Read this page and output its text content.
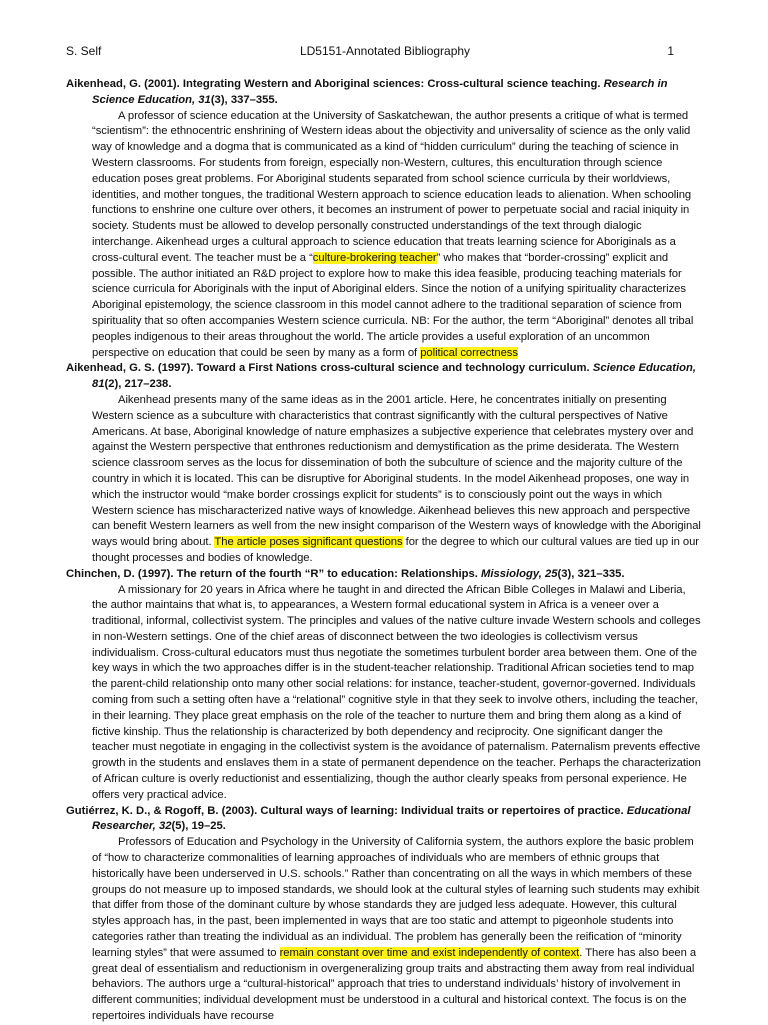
S. Self	LD5151-Annotated Bibliography	1

Aikenhead, G. (2001). Integrating Western and Aboriginal sciences: Cross-cultural science teaching. Research in Science Education, 31(3), 337–355.

A professor of science education at the University of Saskatchewan, the author presents a critique of what is termed “scientism”: the ethnocentric enshrining of Western ideas about the objectivity and universality of science as the only valid way of knowledge and a dogma that is communicated as a kind of “hidden curriculum” during the teaching of science in Western classrooms. For students from foreign, especially non-Western, cultures, this enculturation through science education poses great problems. For Aboriginal students separated from school science curricula by their worldviews, identities, and mother tongues, the traditional Western approach to science education leads to alienation. When schooling functions to enshrine one culture over others, it becomes an instrument of power to perpetuate social and racial iniquity in society. Students must be allowed to develop personally constructed understandings of the text through dialogic interchange. Aikenhead urges a cultural approach to science education that treats learning science for Aboriginals as a cross-cultural event. The teacher must be a “culture-brokering teacher” who makes that “border-crossing” explicit and possible. The author initiated an R&D project to explore how to make this idea feasible, producing teaching materials for science curricula for Aboriginals with the input of Aboriginal elders. Since the notion of a unifying spirituality characterizes Aboriginal epistemology, the science classroom in this model cannot adhere to the traditional separation of science from spirituality that so often accompanies Western science curricula. NB: For the author, the term “Aboriginal” denotes all tribal peoples indigenous to their areas throughout the world. The article provides a useful exploration of an uncommon perspective on education that could be seen by many as a form of political correctness

Aikenhead, G. S. (1997). Toward a First Nations cross-cultural science and technology curriculum. Science Education, 81(2), 217–238.

Aikenhead presents many of the same ideas as in the 2001 article. Here, he concentrates initially on presenting Western science as a subculture with characteristics that contrast significantly with the cultural perspectives of Native Americans. At base, Aboriginal knowledge of nature emphasizes a subjective experience that celebrates mystery over and against the Western perspective that enthrones reductionism and demystification as the prime desiderata. The Western science classroom serves as the locus for dissemination of both the subculture of science and the majority culture of the country in which it is located. This can be disruptive for Aboriginal students. In the model Aikenhead proposes, one way in which the instructor would “make border crossings explicit for students” is to consciously point out the ways in which Western science has mischaracterized native ways of knowledge. Aikenhead believes this new approach and perspective can benefit Western learners as well from the new insight comparison of the Western ways of knowledge with the Aboriginal ways would bring about. The article poses significant questions for the degree to which our cultural values are tied up in our thought processes and bodies of knowledge.

Chinchen, D. (1997). The return of the fourth “R” to education: Relationships. Missiology, 25(3), 321–335.

A missionary for 20 years in Africa where he taught in and directed the African Bible Colleges in Malawi and Liberia, the author maintains that what is, to appearances, a Western formal educational system in Africa is a veneer over a traditional, informal, collectivist system. The principles and values of the native culture invade Western schools and colleges in non-Western settings. One of the chief areas of disconnect between the two ideologies is collectivism versus individualism. Cross-cultural educators must thus negotiate the sometimes turbulent border area between them. One of the key ways in which the two approaches differ is in the student-teacher relationship. Traditional African societies tend to map the parent-child relationship onto many other social relations: for instance, teacher-student, governor-governed. Individuals coming from such a setting often have a “relational” cognitive style in that they seek to involve others, including the teacher, in their learning. They place great emphasis on the role of the teacher to nurture them and bring them along as a kind of fictive kinship. Thus the relationship is characterized by both dependency and reciprocity. One significant danger the teacher must negotiate in engaging in the collectivist system is the avoidance of paternalism. Paternalism prevents effective growth in the students and enslaves them in a state of permanent dependence on the teacher. Perhaps the characterization of African culture is overly reductionist and essentializing, though the author clearly speaks from personal experience. He offers very practical advice.

Gutiérrez, K. D., & Rogoff, B. (2003). Cultural ways of learning: Individual traits or repertoires of practice. Educational Researcher, 32(5), 19–25.

Professors of Education and Psychology in the University of California system, the authors explore the basic problem of “how to characterize commonalities of learning approaches of individuals who are members of ethnic groups that historically have been underserved in U.S. schools.” Rather than concentrating on all the ways in which members of these groups do not measure up to imposed standards, we should look at the cultural styles of learning such students may exhibit that differ from those of the dominant culture by whose standards they are judged less adequate. However, this cultural styles approach has, in the past, been implemented in ways that are too static and attempt to pigeonhole students into categories rather than treating the individual as an individual. The problem has generally been the reification of “minority learning styles” that were assumed to remain constant over time and exist independently of context. There has also been a great deal of essentialism and reductionism in overgeneralizing group traits and abstracting them away from real individual behaviors. The authors urge a “cultural-historical” approach that tries to understand individuals’ history of involvement in different communities; individual development must be understood in a cultural and historical context. The focus is on the repertoires individuals have recourse
